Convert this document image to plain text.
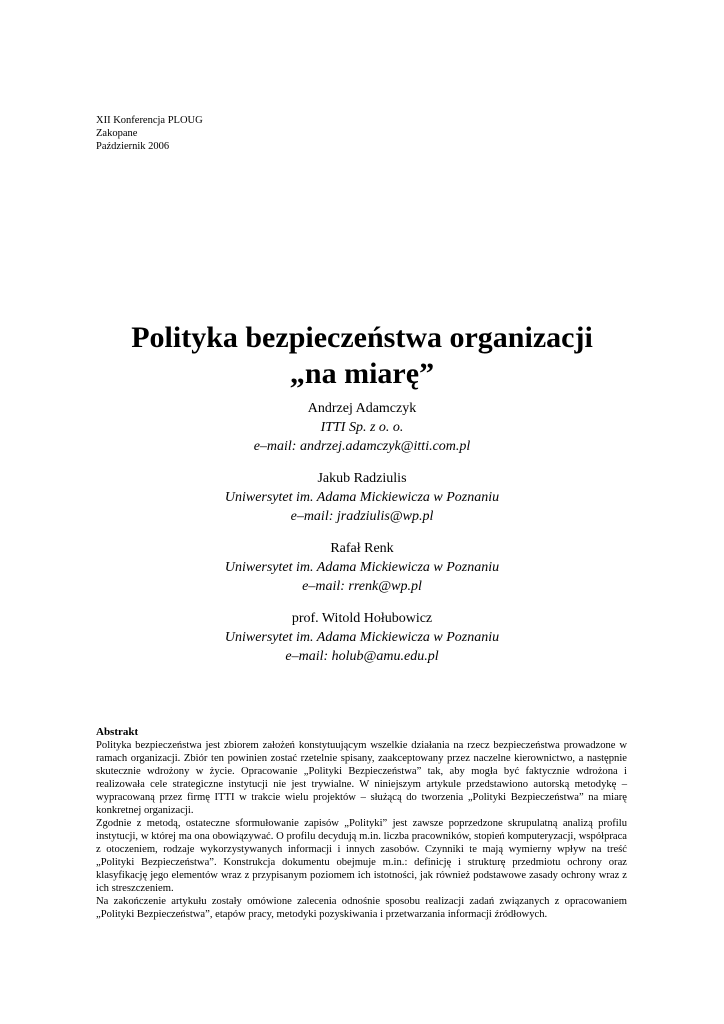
XII Konferencja PLOUG
Zakopane
Październik 2006
Polityka bezpieczeństwa organizacji
„na miarę”
Andrzej Adamczyk
ITTI Sp. z o. o.
e–mail: andrzej.adamczyk@itti.com.pl
Jakub Radziulis
Uniwersytet im. Adama Mickiewicza w Poznaniu
e–mail: jradziulis@wp.pl
Rafał Renk
Uniwersytet im. Adama Mickiewicza w Poznaniu
e–mail: rrenk@wp.pl
prof. Witold Hołubowicz
Uniwersytet im. Adama Mickiewicza w Poznaniu
e–mail: holub@amu.edu.pl
Abstrakt

Polityka bezpieczeństwa jest zbiorem założeń konstytuującym wszelkie działania na rzecz bezpieczeństwa prowadzone w ramach organizacji. Zbiór ten powinien zostać rzetelnie spisany, zaakceptowany przez naczelne kierownictwo, a następnie skutecznie wdrożony w życie. Opracowanie „Polityki Bezpieczeństwa” tak, aby mogła być faktycznie wdrożona i realizowała cele strategiczne instytucji nie jest trywialne. W niniejszym artykule przedstawiono autorską metodykę – wypracowaną przez firmę ITTI w trakcie wielu projektów – służącą do tworzenia „Polityki Bezpieczeństwa” na miarę konkretnej organizacji.

Zgodnie z metodą, ostateczne sformułowanie zapisów „Polityki” jest zawsze poprzedzone skrupulatną analizą profilu instytucji, w której ma ona obowiązywać. O profilu decydują m.in. liczba pracowników, stopień komputeryzacji, współpraca z otoczeniem, rodzaje wykorzystywanych informacji i innych zasobów. Czynniki te mają wymierny wpływ na treść „Polityki Bezpieczeństwa”. Konstrukcja dokumentu obejmuje m.in.: definicję i strukturę przedmiotu ochrony oraz klasyfikację jego elementów wraz z przypisanym poziomem ich istotności, jak również podstawowe zasady ochrony wraz z ich streszczeniem.

Na zakończenie artykułu zostały omówione zalecenia odnośnie sposobu realizacji zadań związanych z opracowaniem „Polityki Bezpieczeństwa”, etapów pracy, metodyki pozyskiwania i przetwarzania informacji źródłowych.
